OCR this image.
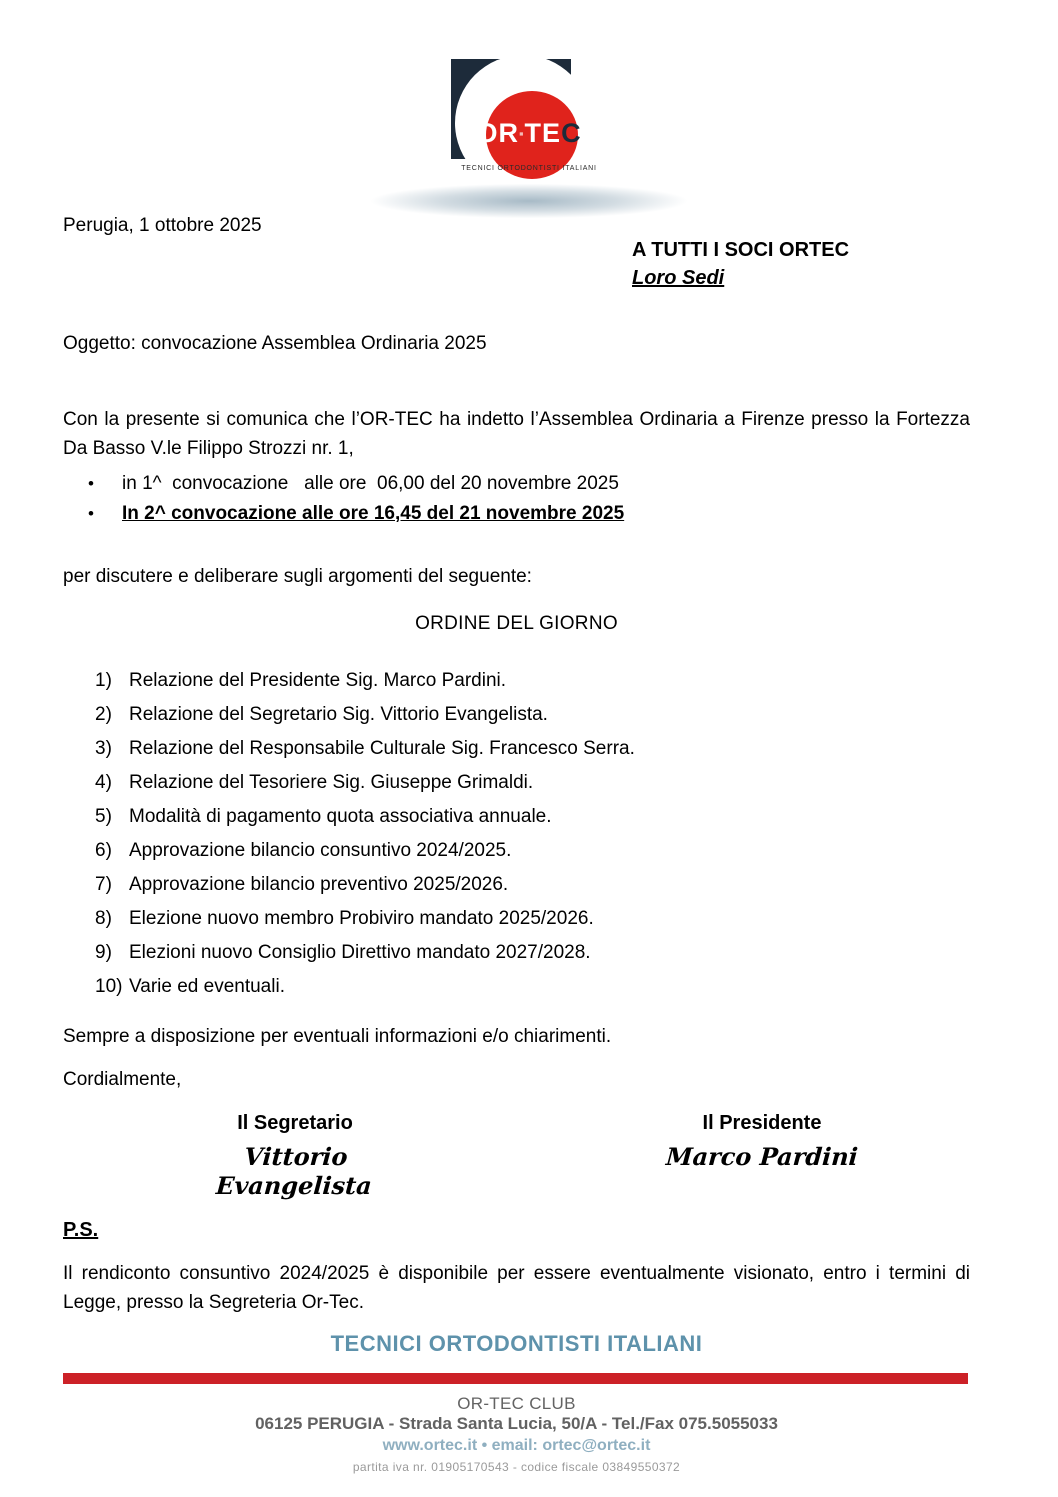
OR▪TEC
TECNICI ORTODONTISTI ITALIANI
Perugia, 1 ottobre 2025
A TUTTI I SOCI ORTEC
Loro Sedi
Oggetto: convocazione Assemblea Ordinaria 2025
Con la presente si comunica che l’OR-TEC ha indetto l’Assemblea Ordinaria a Firenze presso la Fortezza Da Basso V.le Filippo Strozzi nr. 1,
•	in 1^  convocazione   alle ore  06,00 del 20 novembre 2025
•	In 2^ convocazione alle ore 16,45 del 21 novembre 2025
per discutere e deliberare sugli argomenti del seguente:
ORDINE DEL GIORNO
1) Relazione del Presidente Sig. Marco Pardini.
2) Relazione del Segretario Sig. Vittorio Evangelista.
3) Relazione del Responsabile Culturale Sig. Francesco Serra.
4) Relazione del Tesoriere Sig. Giuseppe Grimaldi.
5) Modalità di pagamento quota associativa annuale.
6) Approvazione bilancio consuntivo 2024/2025.
7) Approvazione bilancio preventivo 2025/2026.
8) Elezione nuovo membro Probiviro mandato 2025/2026.
9) Elezioni nuovo Consiglio Direttivo mandato 2027/2028.
10) Varie ed eventuali.
Sempre a disposizione per eventuali informazioni e/o chiarimenti.
Cordialmente,
Il Segretario
Vittorio Evangelista
Il Presidente
Marco Pardini
P.S.
Il rendiconto consuntivo 2024/2025 è disponibile per essere eventualmente visionato, entro i termini di Legge, presso la Segreteria Or-Tec.
TECNICI ORTODONTISTI ITALIANI
OR-TEC CLUB
06125 PERUGIA - Strada Santa Lucia, 50/A - Tel./Fax 075.5055033
www.ortec.it • email: ortec@ortec.it
partita iva nr. 01905170543 - codice fiscale 03849550372
